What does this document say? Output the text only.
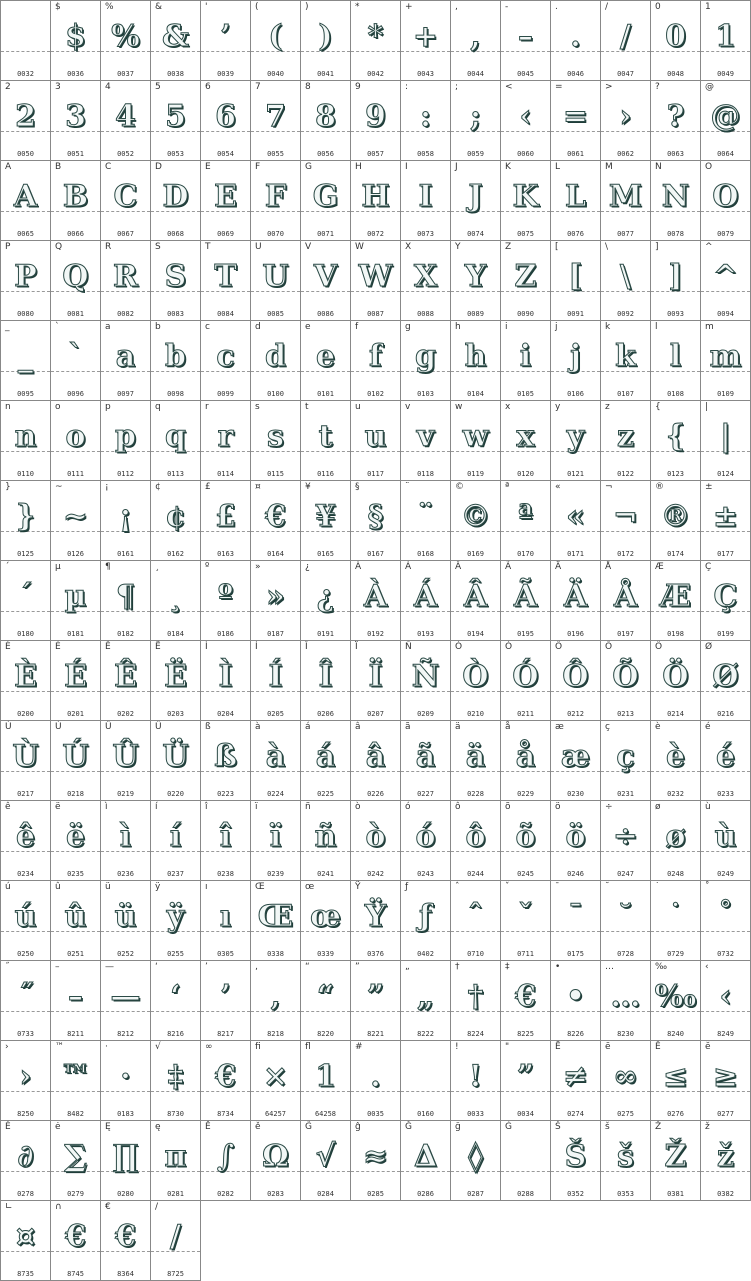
0032
$
$
0036
%
%
0037
&
&
0038
'
’
0039
(
(
0040
)
)
0041
*
*
0042
+
+
0043
,
,
0044
-
–
0045
.
.
0046
/
/
0047
0
0
0048
1
1
0049
2
2
0050
3
3
0051
4
4
0052
5
5
0053
6
6
0054
7
7
0055
8
8
0056
9
9
0057
:
:
0058
;
;
0059
<
‹
0060
=
=
0061
>
›
0062
?
?
0063
@
@
0064
A
A
0065
B
B
0066
C
C
0067
D
D
0068
E
E
0069
F
F
0070
G
G
0071
H
H
0072
I
I
0073
J
J
0074
K
K
0075
L
L
0076
M
M
0077
N
N
0078
O
O
0079
P
P
0080
Q
Q
0081
R
R
0082
S
S
0083
T
T
0084
U
U
0085
V
V
0086
W
W
0087
X
X
0088
Y
Y
0089
Z
Z
0090
[
[
0091
\
\
0092
]
]
0093
^
^
0094
_
_
0095
`
`
0096
a
a
0097
b
b
0098
c
c
0099
d
d
0100
e
e
0101
f
f
0102
g
g
0103
h
h
0104
i
i
0105
j
j
0106
k
k
0107
l
l
0108
m
m
0109
n
n
0110
o
o
0111
p
p
0112
q
q
0113
r
r
0114
s
s
0115
t
t
0116
u
u
0117
v
v
0118
w
w
0119
x
x
0120
y
y
0121
z
z
0122
{
{
0123
|
|
0124
}
}
0125
~
~
0126
¡
¡
0161
¢
¢
0162
£
£
0163
¤
€
0164
¥
¥
0165
§
§
0167
¨
¨
0168
©
©
0169
ª
ª
0170
«
«
0171
¬
¬
0172
®
®
0174
±
±
0177
´
´
0180
µ
µ
0181
¶
¶
0182
¸
¸
0184
º
º
0186
»
»
0187
¿
¿
0191
À
À
0192
Á
Á
0193
Â
Â
0194
Ã
Ã
0195
Ä
Ä
0196
Å
Å
0197
Æ
Æ
0198
Ç
Ç
0199
È
È
0200
É
É
0201
Ê
Ê
0202
Ë
Ë
0203
Ì
Ì
0204
Í
Í
0205
Î
Î
0206
Ï
Ï
0207
Ñ
Ñ
0209
Ò
Ò
0210
Ó
Ó
0211
Ô
Ô
0212
Õ
Õ
0213
Ö
Ö
0214
Ø
Ø
0216
Ù
Ù
0217
Ú
Ú
0218
Û
Û
0219
Ü
Ü
0220
ß
ß
0223
à
à
0224
á
á
0225
â
â
0226
ã
ã
0227
ä
ä
0228
å
å
0229
æ
æ
0230
ç
ç
0231
è
è
0232
é
é
0233
ê
ê
0234
ë
ë
0235
ì
ì
0236
í
í
0237
î
î
0238
ï
ï
0239
ñ
ñ
0241
ò
ò
0242
ó
ó
0243
ô
ô
0244
õ
õ
0245
ö
ö
0246
÷
÷
0247
ø
ø
0248
ù
ù
0249
ú
ú
0250
û
û
0251
ü
ü
0252
ÿ
ÿ
0255
ı
ı
0305
Œ
Œ
0338
œ
œ
0339
Ÿ
Ÿ
0376
ƒ
ƒ
0402
ˆ
ˆ
0710
ˇ
ˇ
0711
¯
¯
0175
˘
˘
0728
˙
˙
0729
˚
˚
0732
˝
˝
0733
–
–
8211
—
—
8212
‘
‘
8216
’
’
8217
‚
‚
8218
“
“
8220
”
”
8221
„
„
8222
†
†
8224
‡
€
8225
•
•
8226
…
…
8230
‰
‰
8240
‹
‹
8249
›
›
8250
™
™
8482
·
·
0183
√
‡
8730
∞
€
8734
ﬁ
×
64257
ﬂ
1
64258
#
.
0035	0160
!
!
0033
"
”
0034
Ē
≠
0274
ē
∞
0275
Ĕ
≤
0276
ĕ
≥
0277
Ė
∂
0278
ė
∑
0279
Ę
∏
0280
ę
π
0281
Ě
∫
0282
ě
Ω
0283
Ĝ
√
0284
ĝ
≈
0285
Ğ
∆
0286
ğ
◊
0287
Ġ
0288
Š
Š
0352
š
š
0353
Ž
Ž
0381
ž
ž
0382
∟
¤
8735
∩
€
8745
€
€
8364
/
/
8725
